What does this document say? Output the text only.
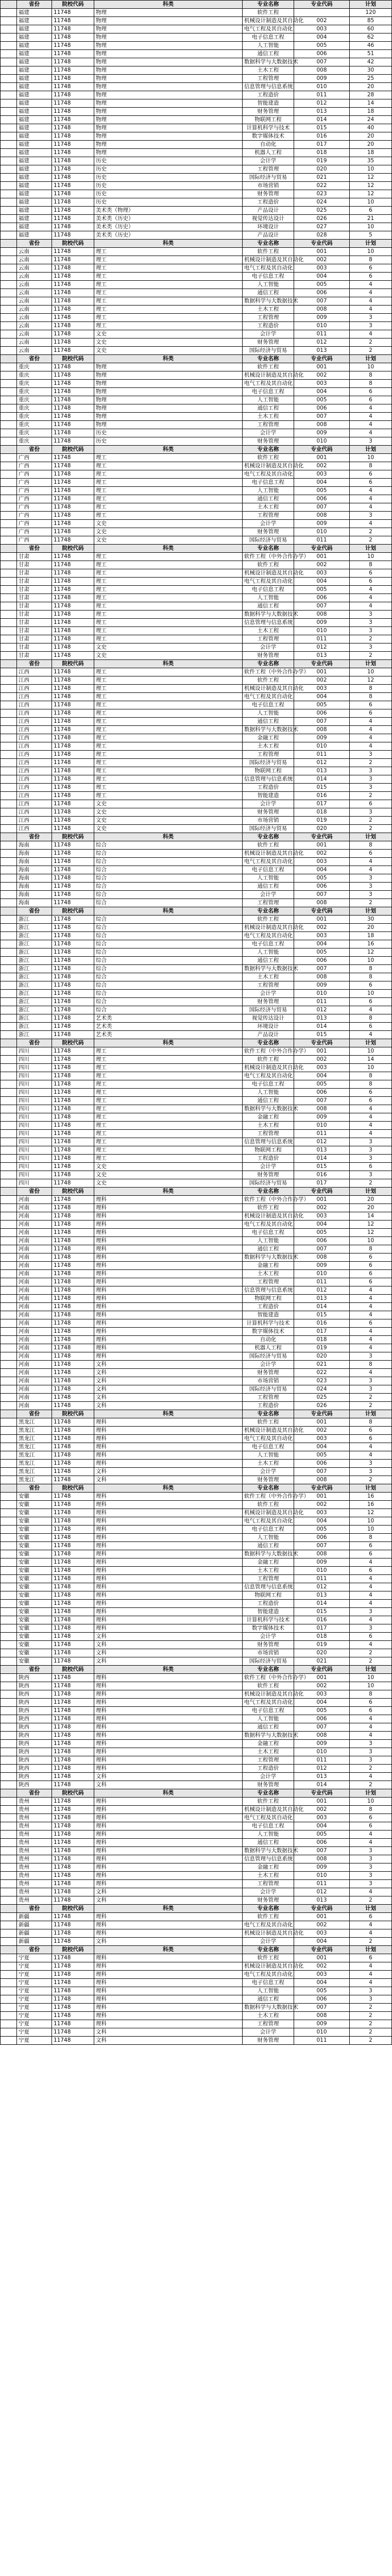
	省份	院校代码	科类	专业名称	专业代码	计划
	福建	11748	物理	软件工程		120
	福建	11748	物理	机械设计制造及其自动化	002	85
	福建	11748	物理	电气工程及其自动化	003	60
	福建	11748	物理	电子信息工程	004	62
	福建	11748	物理	人工智能	005	46
	福建	11748	物理	通信工程	006	51
	福建	11748	物理	数据科学与大数据技术	007	42
	福建	11748	物理	土木工程	008	30
	福建	11748	物理	工程管理	009	25
	福建	11748	物理	信息管理与信息系统	010	20
	福建	11748	物理	工程造价	011	28
	福建	11748	物理	智能建造	012	14
	福建	11748	物理	财务管理	013	18
	福建	11748	物理	物联网工程	014	24
	福建	11748	物理	计算机科学与技术	015	40
	福建	11748	物理	数字媒体技术	016	20
	福建	11748	物理	自动化	017	20
	福建	11748	物理	机器人工程	018	18
	福建	11748	历史	会计学	019	35
	福建	11748	历史	工程管理	020	10
	福建	11748	历史	国际经济与贸易	021	12
	福建	11748	历史	市场营销	022	12
	福建	11748	历史	财务管理	023	12
	福建	11748	历史	工程造价	024	10
	福建	11748	美术类（物理）	产品设计	025	6
	福建	11748	美术类（历史）	视觉传达设计	026	21
	福建	11748	美术类（历史）	环境设计	027	10
	福建	11748	美术类（历史）	产品设计	028	5
	省份	院校代码	科类	专业名称	专业代码	计划
	云南	11748	理工	软件工程	001	10
	云南	11748	理工	机械设计制造及其自动化	002	8
	云南	11748	理工	电气工程及其自动化	003	6
	云南	11748	理工	电子信息工程	004	6
	云南	11748	理工	人工智能	005	4
	云南	11748	理工	通信工程	006	4
	云南	11748	理工	数据科学与大数据技术	007	4
	云南	11748	理工	土木工程	008	4
	云南	11748	理工	工程管理	009	3
	云南	11748	理工	工程造价	010	3
	云南	11748	文史	会计学	011	4
	云南	11748	文史	财务管理	012	2
	云南	11748	文史	国际经济与贸易	013	2
	省份	院校代码	科类	专业名称	专业代码	计划
	重庆	11748	物理	软件工程	001	10
	重庆	11748	物理	机械设计制造及其自动化	002	8
	重庆	11748	物理	电气工程及其自动化	003	8
	重庆	11748	物理	电子信息工程	004	6
	重庆	11748	物理	人工智能	005	6
	重庆	11748	物理	通信工程	006	4
	重庆	11748	物理	土木工程	007	4
	重庆	11748	物理	工程管理	008	4
	重庆	11748	历史	会计学	009	4
	重庆	11748	历史	财务管理	010	3
	省份	院校代码	科类	专业名称	专业代码	计划
	广西	11748	理工	软件工程	001	10
	广西	11748	理工	机械设计制造及其自动化	002	8
	广西	11748	理工	电气工程及其自动化	003	6
	广西	11748	理工	电子信息工程	004	6
	广西	11748	理工	人工智能	005	4
	广西	11748	理工	通信工程	006	4
	广西	11748	理工	土木工程	007	4
	广西	11748	理工	工程管理	008	3
	广西	11748	文史	会计学	009	4
	广西	11748	文史	财务管理	010	2
	广西	11748	文史	国际经济与贸易	011	2
	省份	院校代码	科类	专业名称	专业代码	计划
	甘肃	11748	理工	软件工程（中外合作办学）	001	10
	甘肃	11748	理工	软件工程	002	8
	甘肃	11748	理工	机械设计制造及其自动化	003	6
	甘肃	11748	理工	电气工程及其自动化	004	6
	甘肃	11748	理工	电子信息工程	005	4
	甘肃	11748	理工	人工智能	006	4
	甘肃	11748	理工	通信工程	007	4
	甘肃	11748	理工	数据科学与大数据技术	008	3
	甘肃	11748	理工	信息管理与信息系统	009	3
	甘肃	11748	理工	土木工程	010	3
	甘肃	11748	理工	工程管理	011	2
	甘肃	11748	文史	会计学	012	3
	甘肃	11748	文史	财务管理	013	2
	省份	院校代码	科类	专业名称	专业代码	计划
	江西	11748	理工	软件工程（中外合作办学）	001	10
	江西	11748	理工	软件工程	002	12
	江西	11748	理工	机械设计制造及其自动化	003	8
	江西	11748	理工	电气工程及其自动化	004	8
	江西	11748	理工	电子信息工程	005	6
	江西	11748	理工	人工智能	006	6
	江西	11748	理工	通信工程	007	4
	江西	11748	理工	数据科学与大数据技术	008	4
	江西	11748	理工	金融工程	009	4
	江西	11748	理工	土木工程	010	4
	江西	11748	理工	工程管理	011	3
	江西	11748	理工	国际经济与贸易	012	2
	江西	11748	理工	物联网工程	013	3
	江西	11748	理工	信息管理与信息系统	014	3
	江西	11748	理工	工程造价	015	3
	江西	11748	理工	智能建造	016	2
	江西	11748	文史	会计学	017	6
	江西	11748	文史	财务管理	018	3
	江西	11748	文史	市场营销	019	2
	江西	11748	文史	国际经济与贸易	020	2
	省份	院校代码	科类	专业名称	专业代码	计划
	海南	11748	综合	软件工程	001	8
	海南	11748	综合	机械设计制造及其自动化	002	6
	海南	11748	综合	电气工程及其自动化	003	4
	海南	11748	综合	电子信息工程	004	4
	海南	11748	综合	人工智能	005	3
	海南	11748	综合	通信工程	006	3
	海南	11748	综合	会计学	007	3
	海南	11748	综合	工程管理	008	2
	省份	院校代码	科类	专业名称	专业代码	计划
	浙江	11748	综合	软件工程	001	30
	浙江	11748	综合	机械设计制造及其自动化	002	20
	浙江	11748	综合	电气工程及其自动化	003	18
	浙江	11748	综合	电子信息工程	004	16
	浙江	11748	综合	人工智能	005	12
	浙江	11748	综合	通信工程	006	10
	浙江	11748	综合	数据科学与大数据技术	007	8
	浙江	11748	综合	土木工程	008	8
	浙江	11748	综合	工程管理	009	6
	浙江	11748	综合	会计学	010	10
	浙江	11748	综合	财务管理	011	6
	浙江	11748	综合	国际经济与贸易	012	4
	浙江	11748	艺术类	视觉传达设计	013	8
	浙江	11748	艺术类	环境设计	014	6
	浙江	11748	艺术类	产品设计	015	4
	省份	院校代码	科类	专业名称	专业代码	计划
	四川	11748	理工	软件工程（中外合作办学）	001	10
	四川	11748	理工	软件工程	002	14
	四川	11748	理工	机械设计制造及其自动化	003	10
	四川	11748	理工	电气工程及其自动化	004	8
	四川	11748	理工	电子信息工程	005	8
	四川	11748	理工	人工智能	006	6
	四川	11748	理工	通信工程	007	6
	四川	11748	理工	数据科学与大数据技术	008	4
	四川	11748	理工	金融工程	009	4
	四川	11748	理工	土木工程	010	4
	四川	11748	理工	工程管理	011	4
	四川	11748	理工	信息管理与信息系统	012	3
	四川	11748	理工	物联网工程	013	3
	四川	11748	理工	工程造价	014	3
	四川	11748	文史	会计学	015	6
	四川	11748	文史	财务管理	016	3
	四川	11748	文史	国际经济与贸易	017	2
	省份	院校代码	科类	专业名称	专业代码	计划
	河南	11748	理科	软件工程（中外合作办学）	001	20
	河南	11748	理科	软件工程	002	20
	河南	11748	理科	机械设计制造及其自动化	003	14
	河南	11748	理科	电气工程及其自动化	004	12
	河南	11748	理科	电子信息工程	005	12
	河南	11748	理科	人工智能	006	10
	河南	11748	理科	通信工程	007	8
	河南	11748	理科	数据科学与大数据技术	008	6
	河南	11748	理科	金融工程	009	6
	河南	11748	理科	土木工程	010	6
	河南	11748	理科	工程管理	011	6
	河南	11748	理科	信息管理与信息系统	012	4
	河南	11748	理科	物联网工程	013	4
	河南	11748	理科	工程造价	014	4
	河南	11748	理科	智能建造	015	4
	河南	11748	理科	计算机科学与技术	016	6
	河南	11748	理科	数字媒体技术	017	4
	河南	11748	理科	自动化	018	4
	河南	11748	理科	机器人工程	019	4
	河南	11748	理科	国际经济与贸易	020	3
	河南	11748	文科	会计学	021	8
	河南	11748	文科	财务管理	022	4
	河南	11748	文科	市场营销	023	3
	河南	11748	文科	国际经济与贸易	024	3
	河南	11748	文科	工程管理	025	2
	河南	11748	文科	工程造价	026	2
	省份	院校代码	科类	专业名称	专业代码	计划
	黑龙江	11748	理科	软件工程	001	8
	黑龙江	11748	理科	机械设计制造及其自动化	002	6
	黑龙江	11748	理科	电气工程及其自动化	003	6
	黑龙江	11748	理科	电子信息工程	004	4
	黑龙江	11748	理科	人工智能	005	4
	黑龙江	11748	理科	土木工程	006	3
	黑龙江	11748	文科	会计学	007	3
	黑龙江	11748	文科	财务管理	008	2
	省份	院校代码	科类	专业名称	专业代码	计划
	安徽	11748	理科	软件工程（中外合作办学）	001	16
	安徽	11748	理科	软件工程	002	16
	安徽	11748	理科	机械设计制造及其自动化	003	12
	安徽	11748	理科	电气工程及其自动化	004	10
	安徽	11748	理科	电子信息工程	005	10
	安徽	11748	理科	人工智能	006	8
	安徽	11748	理科	通信工程	007	6
	安徽	11748	理科	数据科学与大数据技术	008	6
	安徽	11748	理科	金融工程	009	4
	安徽	11748	理科	土木工程	010	6
	安徽	11748	理科	工程管理	011	4
	安徽	11748	理科	信息管理与信息系统	012	4
	安徽	11748	理科	物联网工程	013	4
	安徽	11748	理科	工程造价	014	4
	安徽	11748	理科	智能建造	015	3
	安徽	11748	理科	计算机科学与技术	016	4
	安徽	11748	理科	数字媒体技术	017	3
	安徽	11748	文科	会计学	018	6
	安徽	11748	文科	财务管理	019	4
	安徽	11748	文科	市场营销	020	2
	安徽	11748	文科	国际经济与贸易	021	2
	省份	院校代码	科类	专业名称	专业代码	计划
	陕西	11748	理科	软件工程（中外合作办学）	001	10
	陕西	11748	理科	软件工程	002	10
	陕西	11748	理科	机械设计制造及其自动化	003	8
	陕西	11748	理科	电气工程及其自动化	004	6
	陕西	11748	理科	电子信息工程	005	6
	陕西	11748	理科	人工智能	006	4
	陕西	11748	理科	通信工程	007	4
	陕西	11748	理科	数据科学与大数据技术	008	4
	陕西	11748	理科	金融工程	009	3
	陕西	11748	理科	土木工程	010	3
	陕西	11748	理科	工程管理	011	3
	陕西	11748	理科	工程造价	012	2
	陕西	11748	文科	会计学	013	4
	陕西	11748	文科	财务管理	014	2
	省份	院校代码	科类	专业名称	专业代码	计划
	贵州	11748	理科	软件工程	001	10
	贵州	11748	理科	机械设计制造及其自动化	002	8
	贵州	11748	理科	电气工程及其自动化	003	6
	贵州	11748	理科	电子信息工程	004	6
	贵州	11748	理科	人工智能	005	4
	贵州	11748	理科	通信工程	006	4
	贵州	11748	理科	数据科学与大数据技术	007	3
	贵州	11748	理科	信息管理与信息系统	008	3
	贵州	11748	理科	金融工程	009	3
	贵州	11748	理科	土木工程	010	3
	贵州	11748	理科	工程管理	011	3
	贵州	11748	文科	会计学	012	4
	贵州	11748	文科	财务管理	013	2
	省份	院校代码	科类	专业名称	专业代码	计划
	新疆	11748	理科	软件工程	001	6
	新疆	11748	理科	电气工程及其自动化	002	4
	新疆	11748	理科	机械设计制造及其自动化	003	4
	新疆	11748	文科	会计学	004	2
	省份	院校代码	科类	专业名称	专业代码	计划
	宁夏	11748	理科	软件工程	001	6
	宁夏	11748	理科	机械设计制造及其自动化	002	4
	宁夏	11748	理科	电气工程及其自动化	003	4
	宁夏	11748	理科	电子信息工程	004	4
	宁夏	11748	理科	人工智能	005	3
	宁夏	11748	理科	通信工程	006	3
	宁夏	11748	理科	数据科学与大数据技术	007	2
	宁夏	11748	理科	土木工程	008	2
	宁夏	11748	理科	工程管理	009	2
	宁夏	11748	文科	会计学	010	2
	宁夏	11748	文科	财务管理	011	2
